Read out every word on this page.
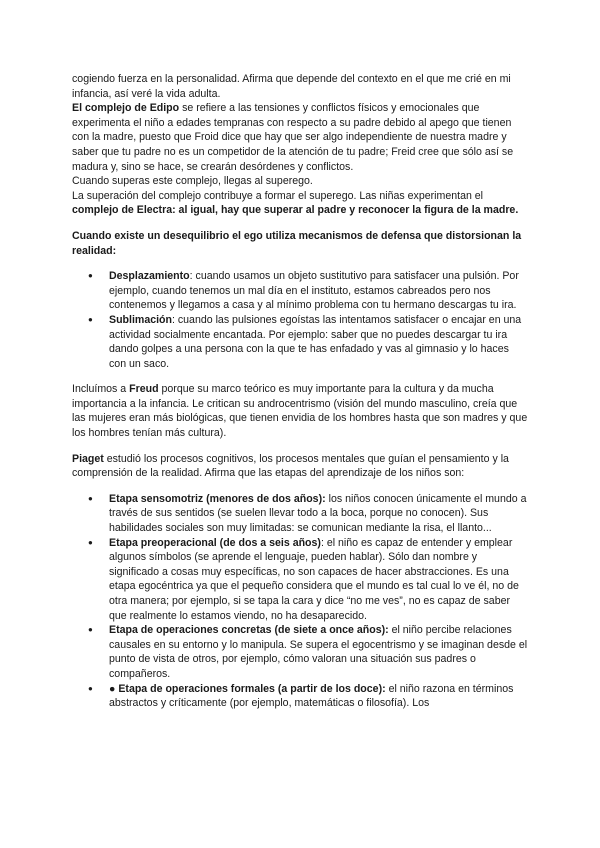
cogiendo fuerza en la personalidad. Afirma que depende del contexto en el que me crié en mi infancia, así veré la vida adulta.

El complejo de Edipo se refiere a las tensiones y conflictos físicos y emocionales que experimenta el niño a edades tempranas con respecto a su padre debido al apego que tienen con la madre, puesto que Froid dice que hay que ser algo independiente de nuestra madre y saber que tu padre no es un competidor de la atención de tu padre; Freid cree que sólo así se madura y, sino se hace, se crearán desórdenes y conflictos.

Cuando superas este complejo, llegas al superego.

La superación del complejo contribuye a formar el superego. Las niñas experimentan el complejo de Electra: al igual, hay que superar al padre y reconocer la figura de la madre.

Cuando existe un desequilibrio el ego utiliza mecanismos de defensa que distorsionan la realidad:

● Desplazamiento: cuando usamos un objeto sustitutivo para satisfacer una pulsión. Por ejemplo, cuando tenemos un mal día en el instituto, estamos cabreados pero nos contenemos y llegamos a casa y al mínimo problema con tu hermano descargas tu ira.
● Sublimación: cuando las pulsiones egoístas las intentamos satisfacer o encajar en una actividad socialmente encantada. Por ejemplo: saber que no puedes descargar tu ira dando golpes a una persona con la que te has enfadado y vas al gimnasio y lo haces con un saco.

Incluímos a Freud porque su marco teórico es muy importante para la cultura y da mucha importancia a la infancia. Le critican su androcentrismo (visión del mundo masculino, creía que las mujeres eran más biológicas, que tienen envidia de los hombres hasta que son madres y que los hombres tenían más cultura).

Piaget estudió los procesos cognitivos, los procesos mentales que guían el pensamiento y la comprensión de la realidad. Afirma que las etapas del aprendizaje de los niños son:

● Etapa sensomotriz (menores de dos años): los niños conocen únicamente el mundo a través de sus sentidos (se suelen llevar todo a la boca, porque no conocen). Sus habilidades sociales son muy limitadas: se comunican mediante la risa, el llanto...
● Etapa preoperacional (de dos a seis años): el niño es capaz de entender y emplear algunos símbolos (se aprende el lenguaje, pueden hablar). Sólo dan nombre y significado a cosas muy específicas, no son capaces de hacer abstracciones. Es una etapa egocéntrica ya que el pequeño considera que el mundo es tal cual lo ve él, no de otra manera; por ejemplo, si se tapa la cara y dice “no me ves”, no es capaz de saber que realmente lo estamos viendo, no ha desaparecido.
● Etapa de operaciones concretas (de siete a once años): el niño percibe relaciones causales en su entorno y lo manipula. Se supera el egocentrismo y se imaginan desde el punto de vista de otros, por ejemplo, cómo valoran una situación sus padres o compañeros.
● ● Etapa de operaciones formales (a partir de los doce): el niño razona en términos abstractos y críticamente (por ejemplo, matemáticas o filosofía). Los
